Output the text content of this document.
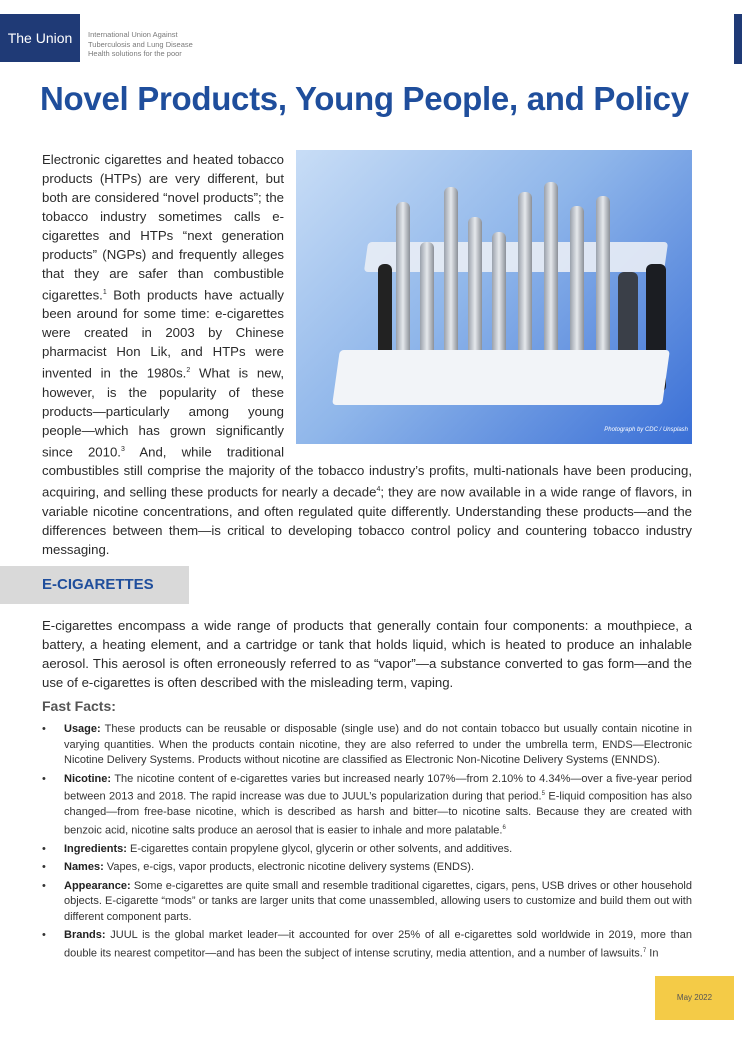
The Union	International Union Against
Tuberculosis and Lung Disease
Health solutions for the poor
Novel Products, Young People, and Policy

Photograph by CDC / Unsplash
Electronic cigarettes and heated tobacco products (HTPs) are very different, but both are considered “novel products”; the tobacco industry sometimes calls e-cigarettes and HTPs “next generation products” (NGPs) and frequently alleges that they are safer than combustible cigarettes.$^1$ Both products have actually been around for some time: e-cigarettes were created in 2003 by Chinese pharmacist Hon Lik, and HTPs were invented in the 1980s.$^2$ What is new, however, is the popularity of these products—particularly among young people—which has grown significantly since 2010.$^3$ And, while traditional combustibles still comprise the majority of the tobacco industry’s profits, multi-nationals have been producing, acquiring, and selling these products for nearly a decade$^4$; they are now available in a wide range of flavors, in variable nicotine concentrations, and often regulated quite differently. Understanding these products—and the differences between them—is critical to developing tobacco control policy and countering tobacco industry messaging.

E-CIGARETTES

E-cigarettes encompass a wide range of products that generally contain four components: a mouthpiece, a battery, a heating element, and a cartridge or tank that holds liquid, which is heated to produce an inhalable aerosol. This aerosol is often erroneously referred to as “vapor”—a substance converted to gas form—and the use of e-cigarettes is often described with the misleading term, vaping.

Fast Facts:
• Usage: These products can be reusable or disposable (single use) and do not contain tobacco but usually contain nicotine in varying quantities. When the products contain nicotine, they are also referred to under the umbrella term, ENDS—Electronic Nicotine Delivery Systems. Products without nicotine are classified as Electronic Non-Nicotine Delivery Systems (ENNDS).
• Nicotine: The nicotine content of e-cigarettes varies but increased nearly 107%—from 2.10% to 4.34%—over a five-year period between 2013 and 2018. The rapid increase was due to JUUL’s popularization during that period.$^5$ E-liquid composition has also changed—from free-base nicotine, which is described as harsh and bitter—to nicotine salts. Because they are created with benzoic acid, nicotine salts produce an aerosol that is easier to inhale and more palatable.$^6$
• Ingredients: E-cigarettes contain propylene glycol, glycerin or other solvents, and additives.
• Names: Vapes, e-cigs, vapor products, electronic nicotine delivery systems (ENDS).
• Appearance: Some e-cigarettes are quite small and resemble traditional cigarettes, cigars, pens, USB drives or other household objects. E-cigarette “mods” or tanks are larger units that come unassembled, allowing users to customize and build them out with different component parts.
• Brands: JUUL is the global market leader—it accounted for over 25% of all e-cigarettes sold worldwide in 2019, more than double its nearest competitor—and has been the subject of intense scrutiny, media attention, and a number of lawsuits.$^7$ In
May 2022
